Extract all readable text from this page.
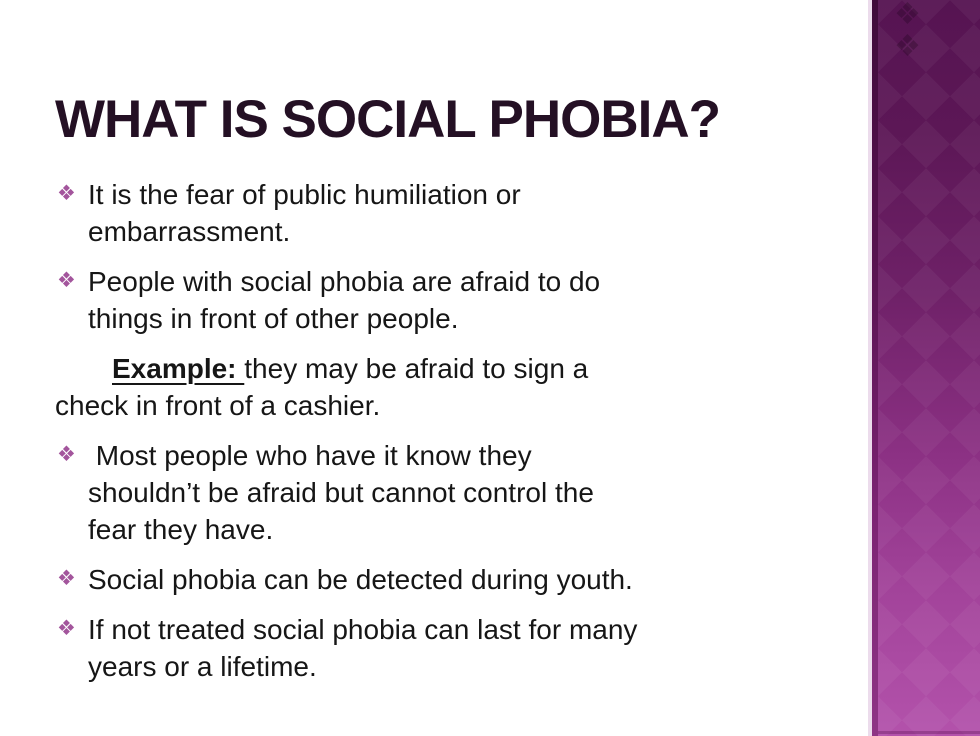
WHAT IS SOCIAL PHOBIA?
❖ It is the fear of public humiliation or
embarrassment.
❖ People with social phobia are afraid to do
things in front of other people.
Example: they may be afraid to sign a
check in front of a cashier.
❖ Most people who have it know they
shouldn’t be afraid but cannot control the
fear they have.
❖ Social phobia can be detected during youth.
❖ If not treated social phobia can last for many
years or a lifetime.
❖
❖
